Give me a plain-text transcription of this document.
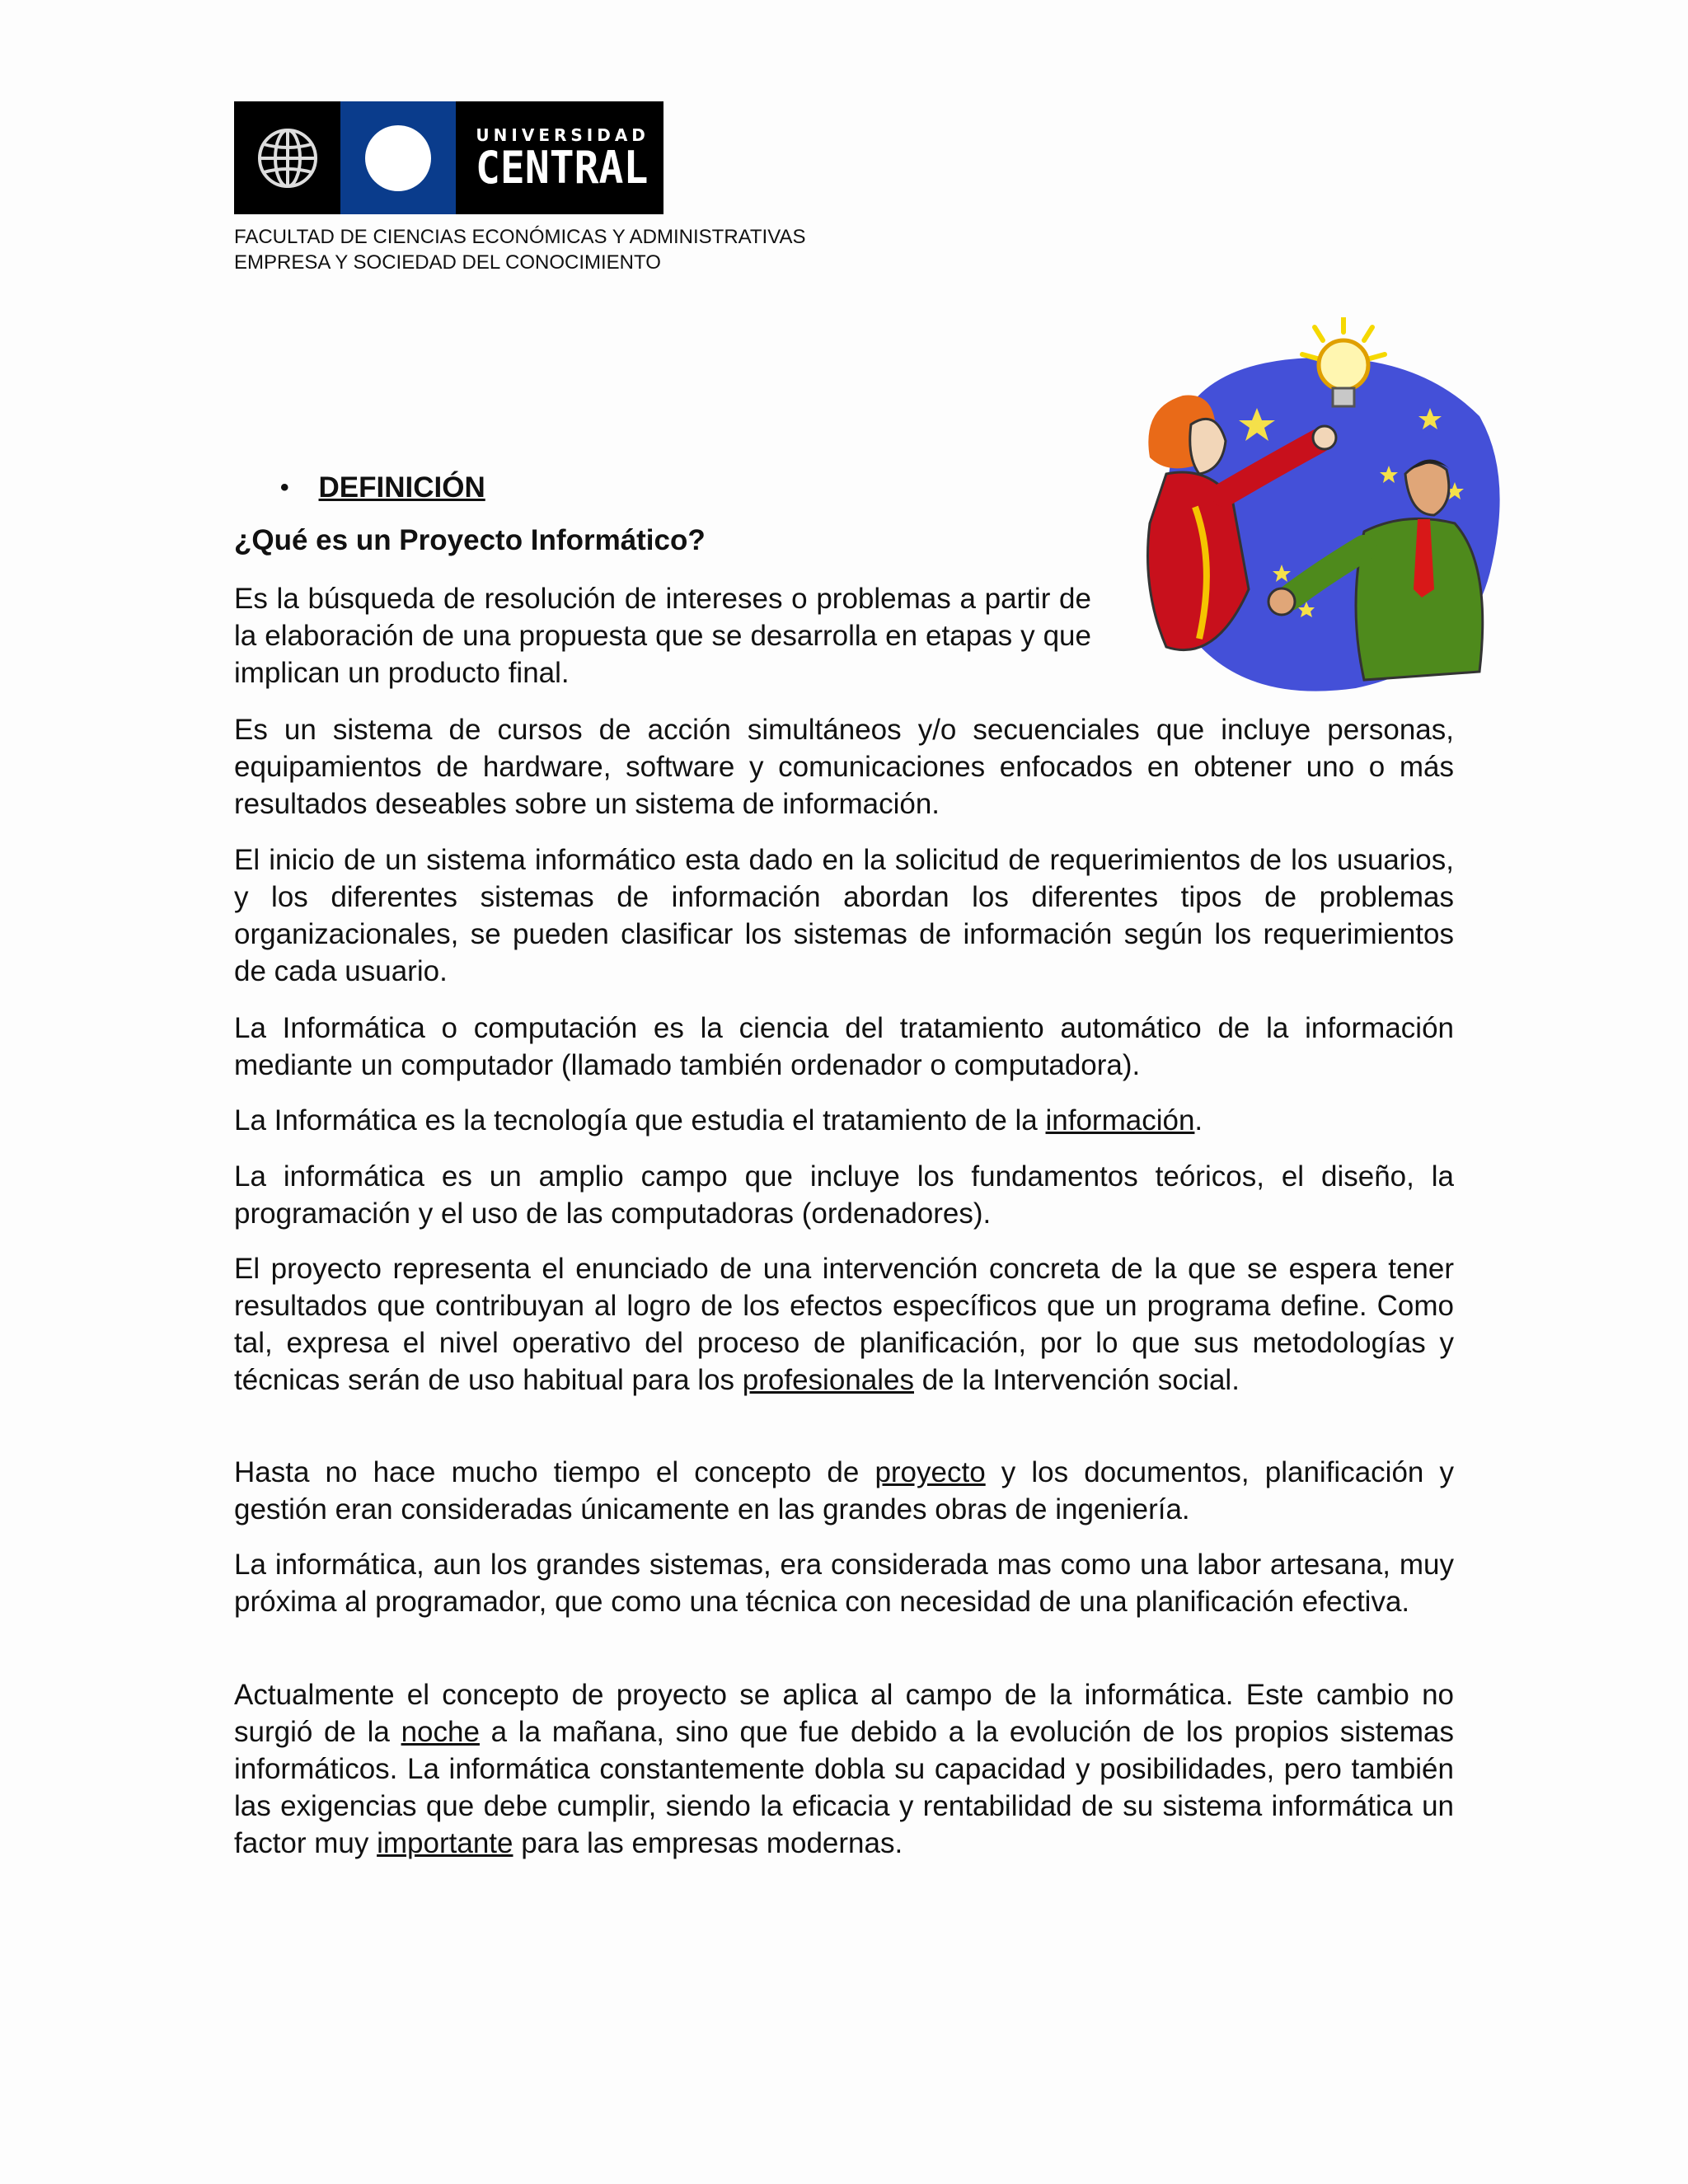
UNIVERSIDAD
CENTRAL
FACULTAD DE CIENCIAS ECONÓMICAS Y ADMINISTRATIVAS
EMPRESA Y SOCIEDAD DEL CONOCIMIENTO
• DEFINICIÓN
¿Qué es un Proyecto Informático?

Es la búsqueda de resolución de intereses o problemas a partir de la elaboración de una propuesta que se desarrolla en etapas y que implican un producto final.

Es un sistema de cursos de acción simultáneos y/o secuenciales que incluye personas, equipamientos de hardware, software y comunicaciones enfocados en obtener uno o más resultados deseables sobre un sistema de información.

El inicio de un sistema informático esta dado en la solicitud de requerimientos de los usuarios, y los diferentes sistemas de información abordan los diferentes tipos de problemas organizacionales, se pueden clasificar los sistemas de información según los requerimientos de cada usuario.

La Informática o computación es la ciencia del tratamiento automático de la información mediante un computador (llamado también ordenador o computadora).

La Informática es la tecnología que estudia el tratamiento de la información.

La informática es un amplio campo que incluye los fundamentos teóricos, el diseño, la programación y el uso de las computadoras (ordenadores).

El proyecto representa el enunciado de una intervención concreta de la que se espera tener resultados que contribuyan al logro de los efectos específicos que un programa define. Como tal, expresa el nivel operativo del proceso de planificación, por lo que sus metodologías y técnicas serán de uso habitual para los profesionales de la Intervención social.

Hasta no hace mucho tiempo el concepto de proyecto y los documentos, planificación y gestión eran consideradas únicamente en las grandes obras de ingeniería.

La informática, aun los grandes sistemas, era considerada mas como una labor artesana, muy próxima al programador, que como una técnica con necesidad de una planificación efectiva.

Actualmente el concepto de proyecto se aplica al campo de la informática. Este cambio no surgió de la noche a la mañana, sino que fue debido a la evolución de los propios sistemas informáticos. La informática constantemente dobla su capacidad y posibilidades, pero también las exigencias que debe cumplir, siendo la eficacia y rentabilidad de su sistema informática un factor muy importante para las empresas modernas.
